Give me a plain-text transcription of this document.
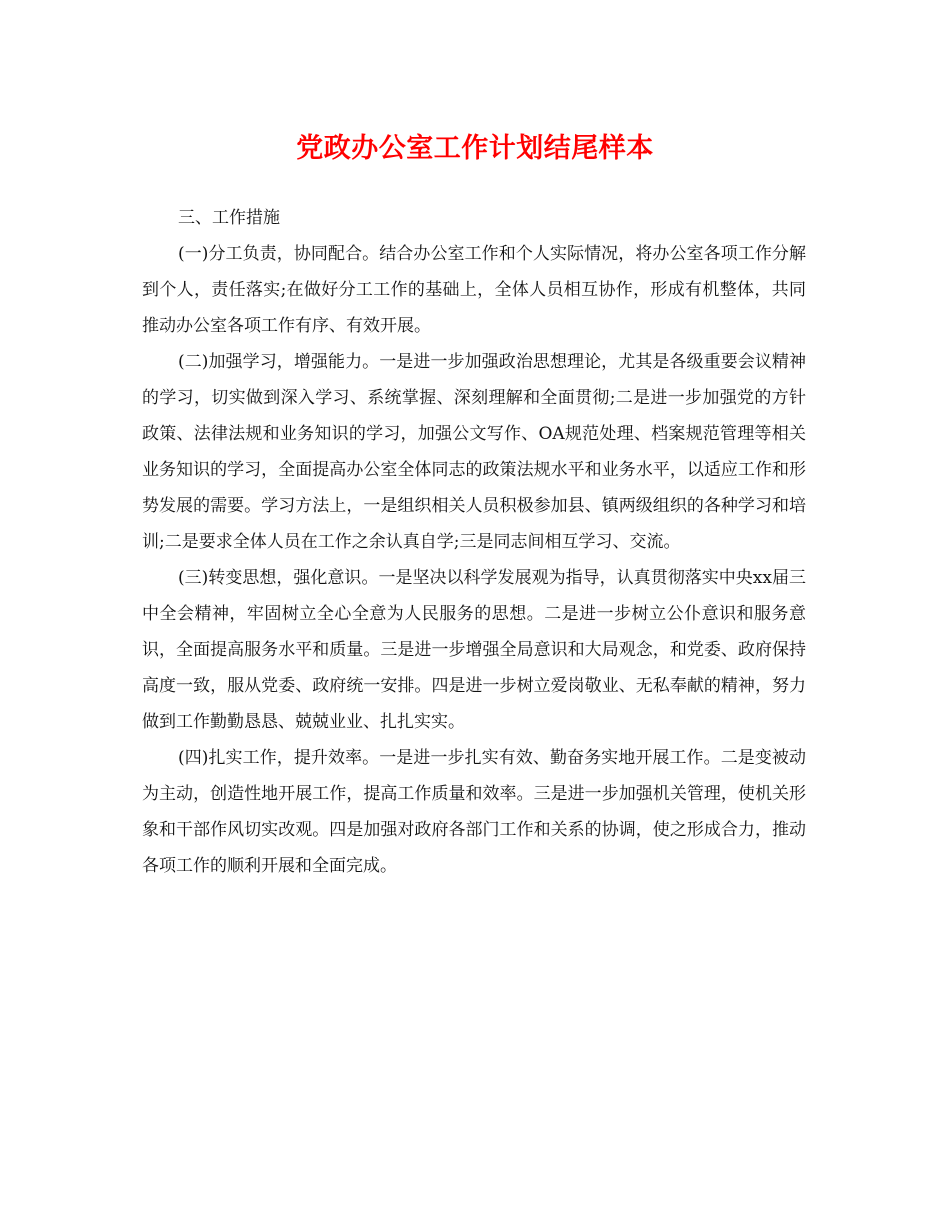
党政办公室工作计划结尾样本

三、工作措施

(一)分工负责，协同配合。结合办公室工作和个人实际情况，将办公室各项工作分解到个人，责任落实;在做好分工工作的基础上，全体人员相互协作，形成有机整体，共同推动办公室各项工作有序、有效开展。

(二)加强学习，增强能力。一是进一步加强政治思想理论，尤其是各级重要会议精神的学习，切实做到深入学习、系统掌握、深刻理解和全面贯彻;二是进一步加强党的方针政策、法律法规和业务知识的学习，加强公文写作、OA规范处理、档案规范管理等相关业务知识的学习，全面提高办公室全体同志的政策法规水平和业务水平，以适应工作和形势发展的需要。学习方法上，一是组织相关人员积极参加县、镇两级组织的各种学习和培训;二是要求全体人员在工作之余认真自学;三是同志间相互学习、交流。

(三)转变思想，强化意识。一是坚决以科学发展观为指导，认真贯彻落实中央xx届三中全会精神，牢固树立全心全意为人民服务的思想。二是进一步树立公仆意识和服务意识，全面提高服务水平和质量。三是进一步增强全局意识和大局观念，和党委、政府保持高度一致，服从党委、政府统一安排。四是进一步树立爱岗敬业、无私奉献的精神，努力做到工作勤勤恳恳、兢兢业业、扎扎实实。

(四)扎实工作，提升效率。一是进一步扎实有效、勤奋务实地开展工作。二是变被动为主动，创造性地开展工作，提高工作质量和效率。三是进一步加强机关管理，使机关形象和干部作风切实改观。四是加强对政府各部门工作和关系的协调，使之形成合力，推动各项工作的顺利开展和全面完成。
